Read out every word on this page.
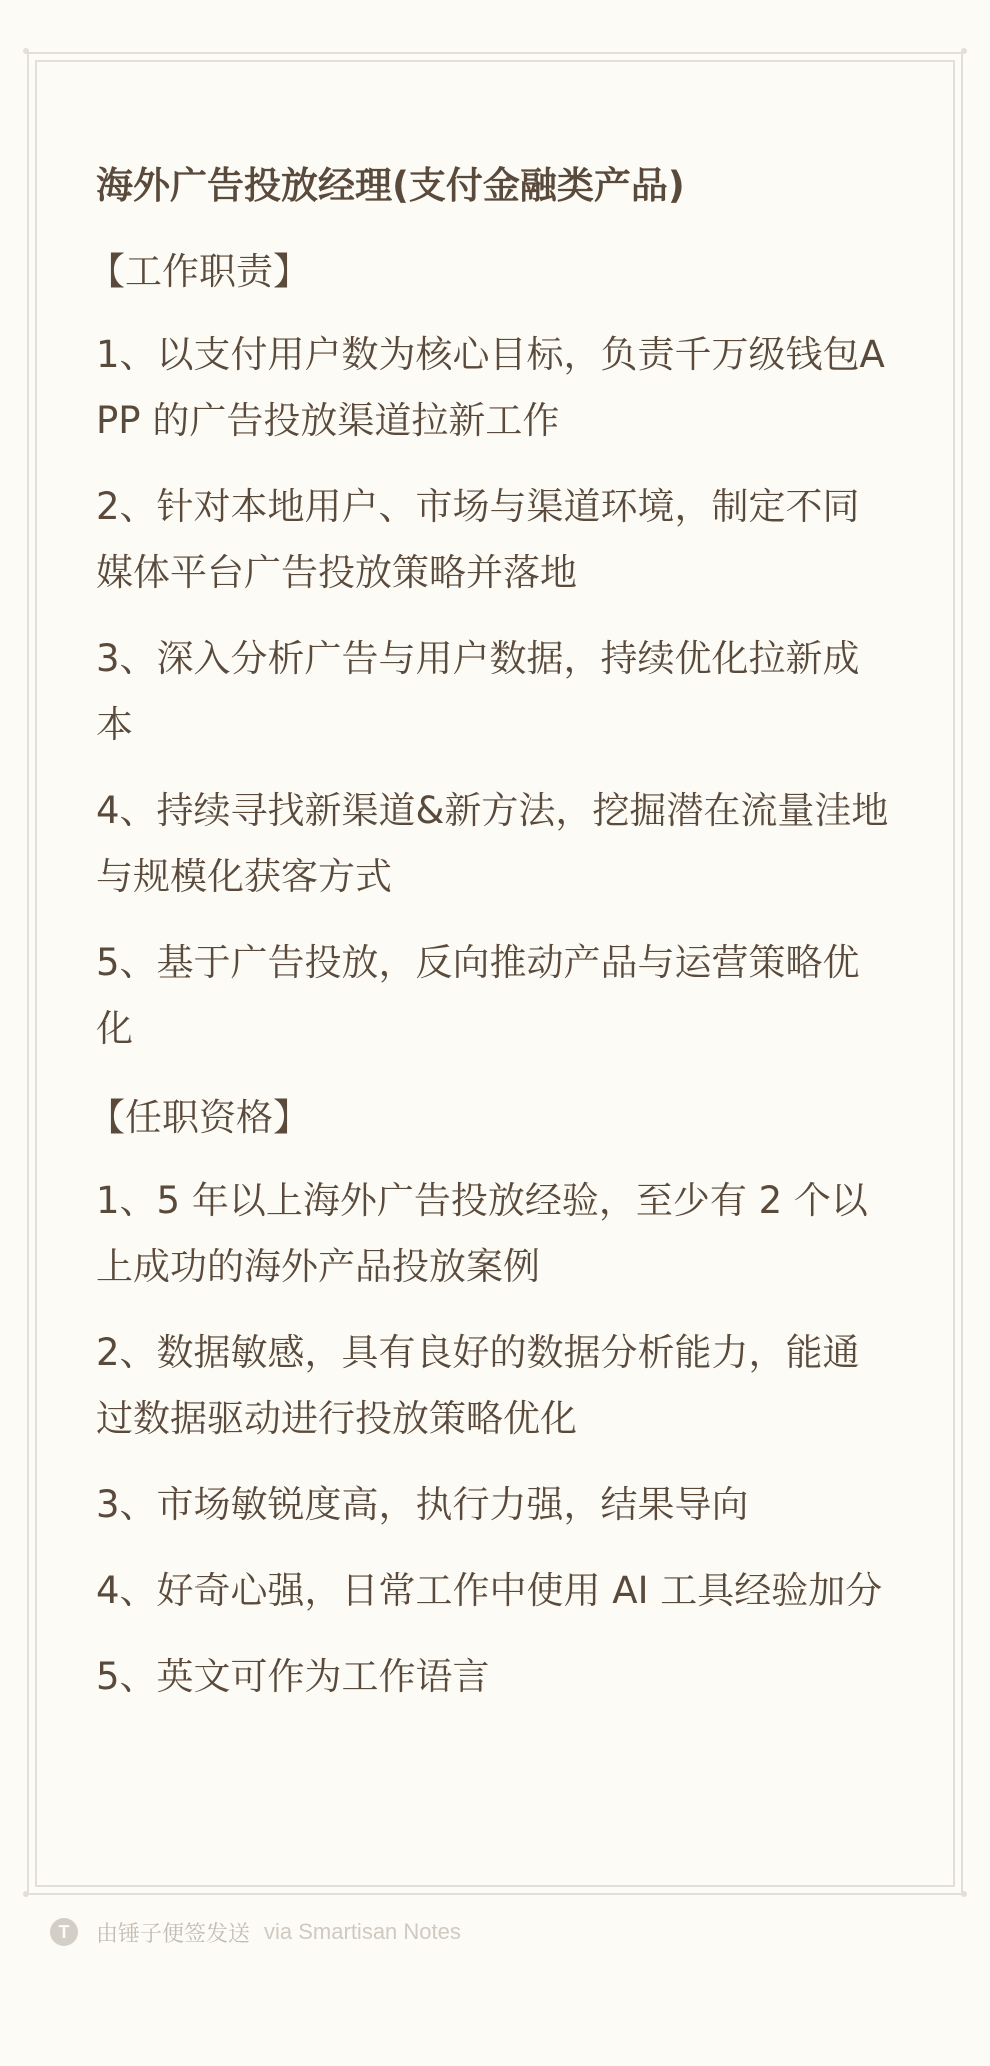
海外广告投放经理(支付金融类产品)
【工作职责】
1、以支付用户数为核心目标，负责千万级钱包APP 的广告投放渠道拉新工作
2、针对本地用户、市场与渠道环境，制定不同媒体平台广告投放策略并落地
3、深入分析广告与用户数据，持续优化拉新成本
4、持续寻找新渠道&新方法，挖掘潜在流量洼地与规模化获客方式
5、基于广告投放，反向推动产品与运营策略优化
【任职资格】
1、5 年以上海外广告投放经验，至少有 2 个以上成功的海外产品投放案例
2、数据敏感，具有良好的数据分析能力，能通过数据驱动进行投放策略优化
3、市场敏锐度高，执行力强，结果导向
4、好奇心强，日常工作中使用 AI 工具经验加分
5、英文可作为工作语言
T	由锤子便签发送 via Smartisan Notes
